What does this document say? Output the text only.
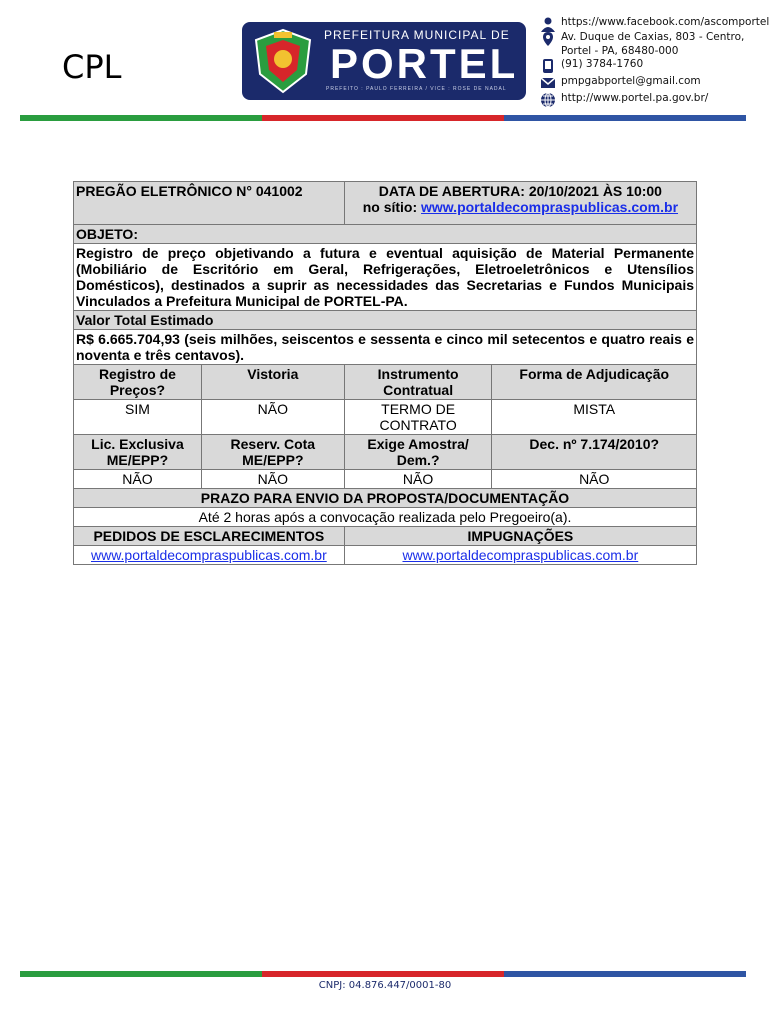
CPL
PREFEITURA MUNICIPAL DE
PORTEL
PREFEITO : PAULO FERREIRA / VICE : ROSE DE NADAL
https://www.facebook.com/ascomportel
Av. Duque de Caxias, 803 - Centro,
Portel - PA, 68480-000
(91) 3784-1760
pmpgabportel@gmail.com
http://www.portel.pa.gov.br/
PREGÃO ELETRÔNICO N° 041002		DATA DE ABERTURA: 20/10/2021 ÀS 10:00
no sítio: www.portaldecompraspublicas.com.br	

OBJETO:			
Registro de preço objetivando a futura e eventual aquisição de Material Permanente (Mobiliário de Escritório em Geral, Refrigerações, Eletroeletrônicos e Utensílios Domésticos), destinados a suprir as necessidades das Secretarias e Fundos Municipais Vinculados a Prefeitura Municipal de PORTEL-PA.			
Valor Total Estimado			
R$ 6.665.704,93 (seis milhões, seiscentos e sessenta e cinco mil setecentos e quatro reais e noventa e três centavos).			
Registro de Preços?	Vistoria	Instrumento Contratual	Forma de Adjudicação
SIM	NÃO	TERMO DE CONTRATO	MISTA
Lic. Exclusiva ME/EPP?	Reserv. Cota ME/EPP?	Exige Amostra/ Dem.?	Dec. nº 7.174/2010?
NÃO	NÃO	NÃO	NÃO
PRAZO PARA ENVIO DA PROPOSTA/DOCUMENTAÇÃO			
Até 2 horas após a convocação realizada pelo Pregoeiro(a).			
PEDIDOS DE ESCLARECIMENTOS		IMPUGNAÇÕES	
www.portaldecompraspublicas.com.br		www.portaldecompraspublicas.com.br	
CNPJ: 04.876.447/0001-80
